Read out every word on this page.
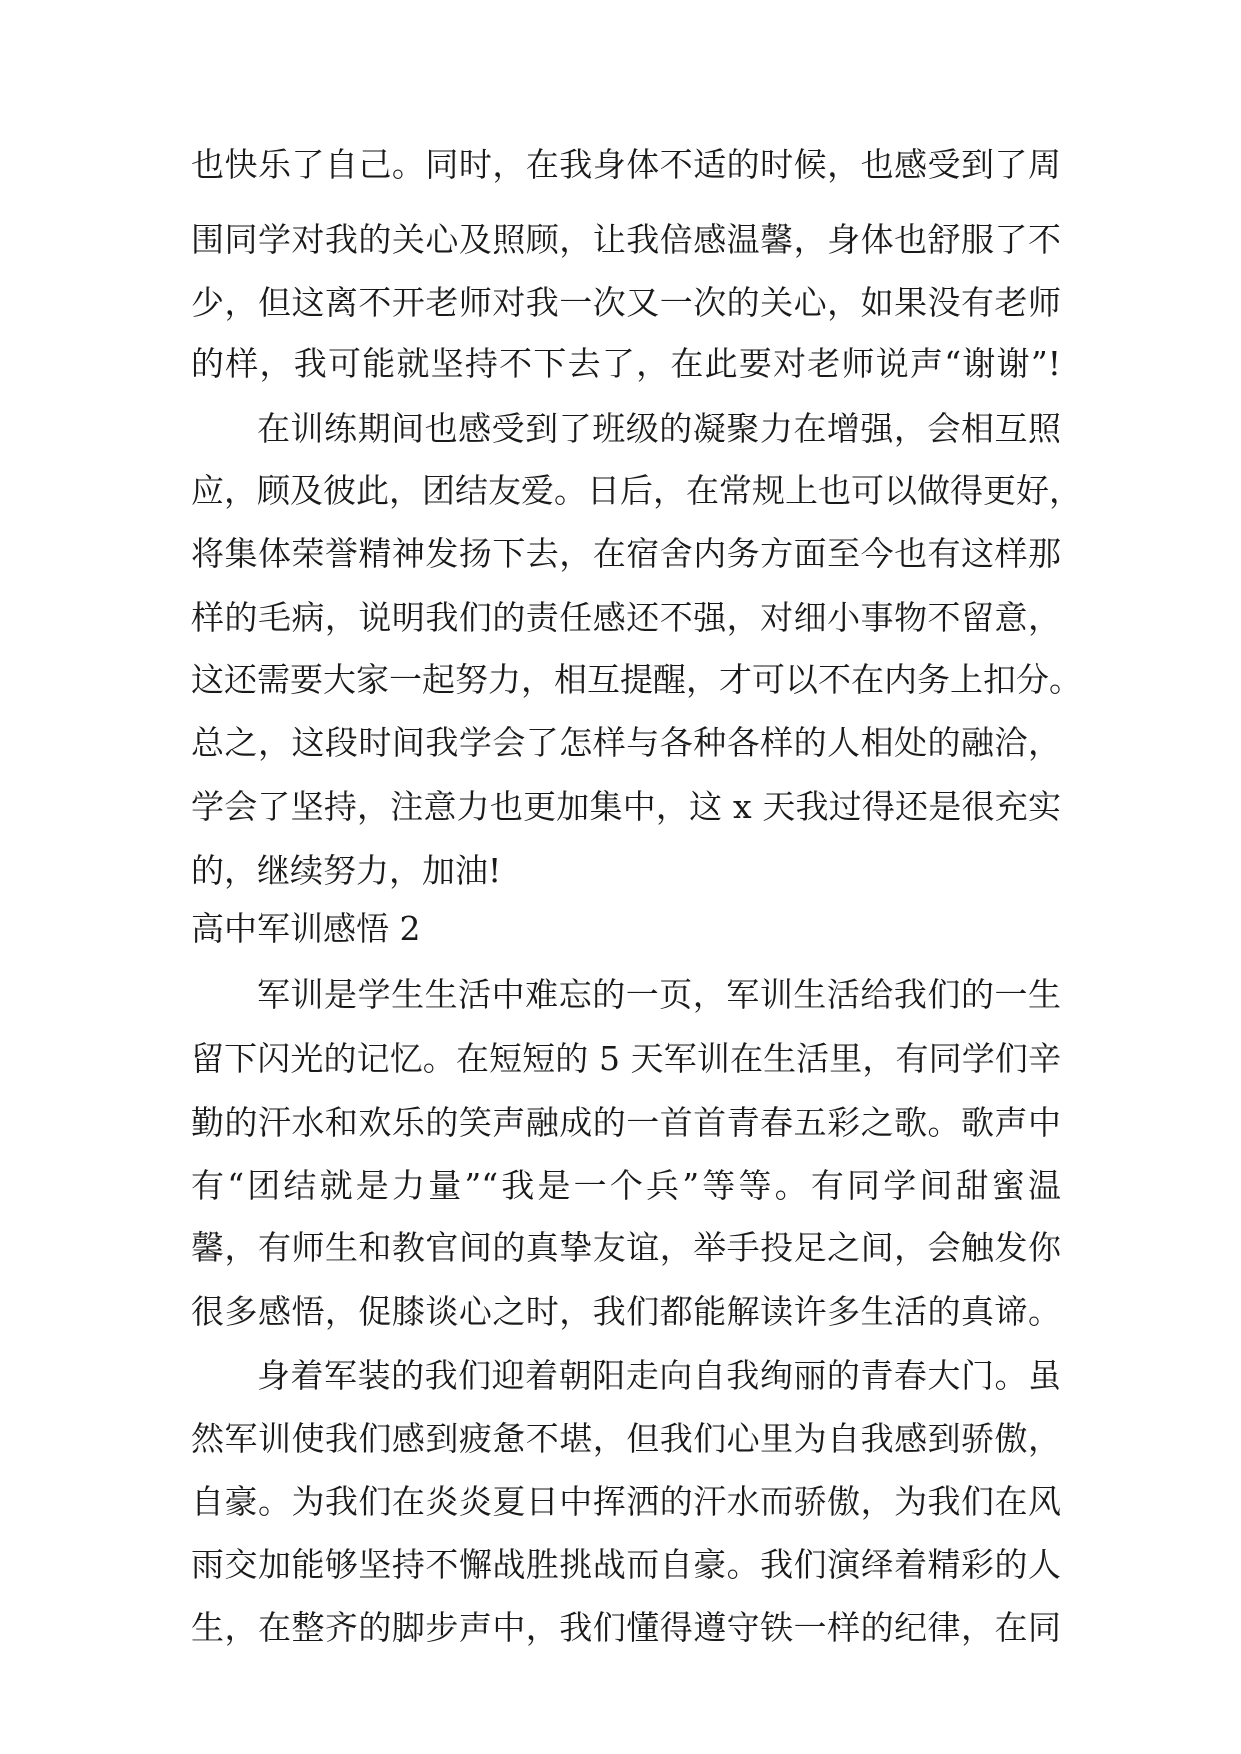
也快乐了自己。同时，在我身体不适的时候，也感受到了周
围同学对我的关心及照顾，让我倍感温馨，身体也舒服了不
少，但这离不开老师对我一次又一次的关心，如果没有老师
的样，我可能就坚持不下去了，在此要对老师说声“谢谢”!
在训练期间也感受到了班级的凝聚力在增强，会相互照
应，顾及彼此，团结友爱。日后，在常规上也可以做得更好，
将集体荣誉精神发扬下去，在宿舍内务方面至今也有这样那
样的毛病，说明我们的责任感还不强，对细小事物不留意，
这还需要大家一起努力，相互提醒，才可以不在内务上扣分。
总之，这段时间我学会了怎样与各种各样的人相处的融洽，
学会了坚持，注意力也更加集中，这 x 天我过得还是很充实
的，继续努力，加油!
高中军训感悟 2
军训是学生生活中难忘的一页，军训生活给我们的一生
留下闪光的记忆。在短短的 5 天军训在生活里，有同学们辛
勤的汗水和欢乐的笑声融成的一首首青春五彩之歌。歌声中
有“团结就是力量”“我是一个兵”等等。有同学间甜蜜温
馨，有师生和教官间的真挚友谊，举手投足之间，会触发你
很多感悟，促膝谈心之时，我们都能解读许多生活的真谛。
身着军装的我们迎着朝阳走向自我绚丽的青春大门。虽
然军训使我们感到疲惫不堪，但我们心里为自我感到骄傲，
自豪。为我们在炎炎夏日中挥洒的汗水而骄傲，为我们在风
雨交加能够坚持不懈战胜挑战而自豪。我们演绎着精彩的人
生，在整齐的脚步声中，我们懂得遵守铁一样的纪律，在同
